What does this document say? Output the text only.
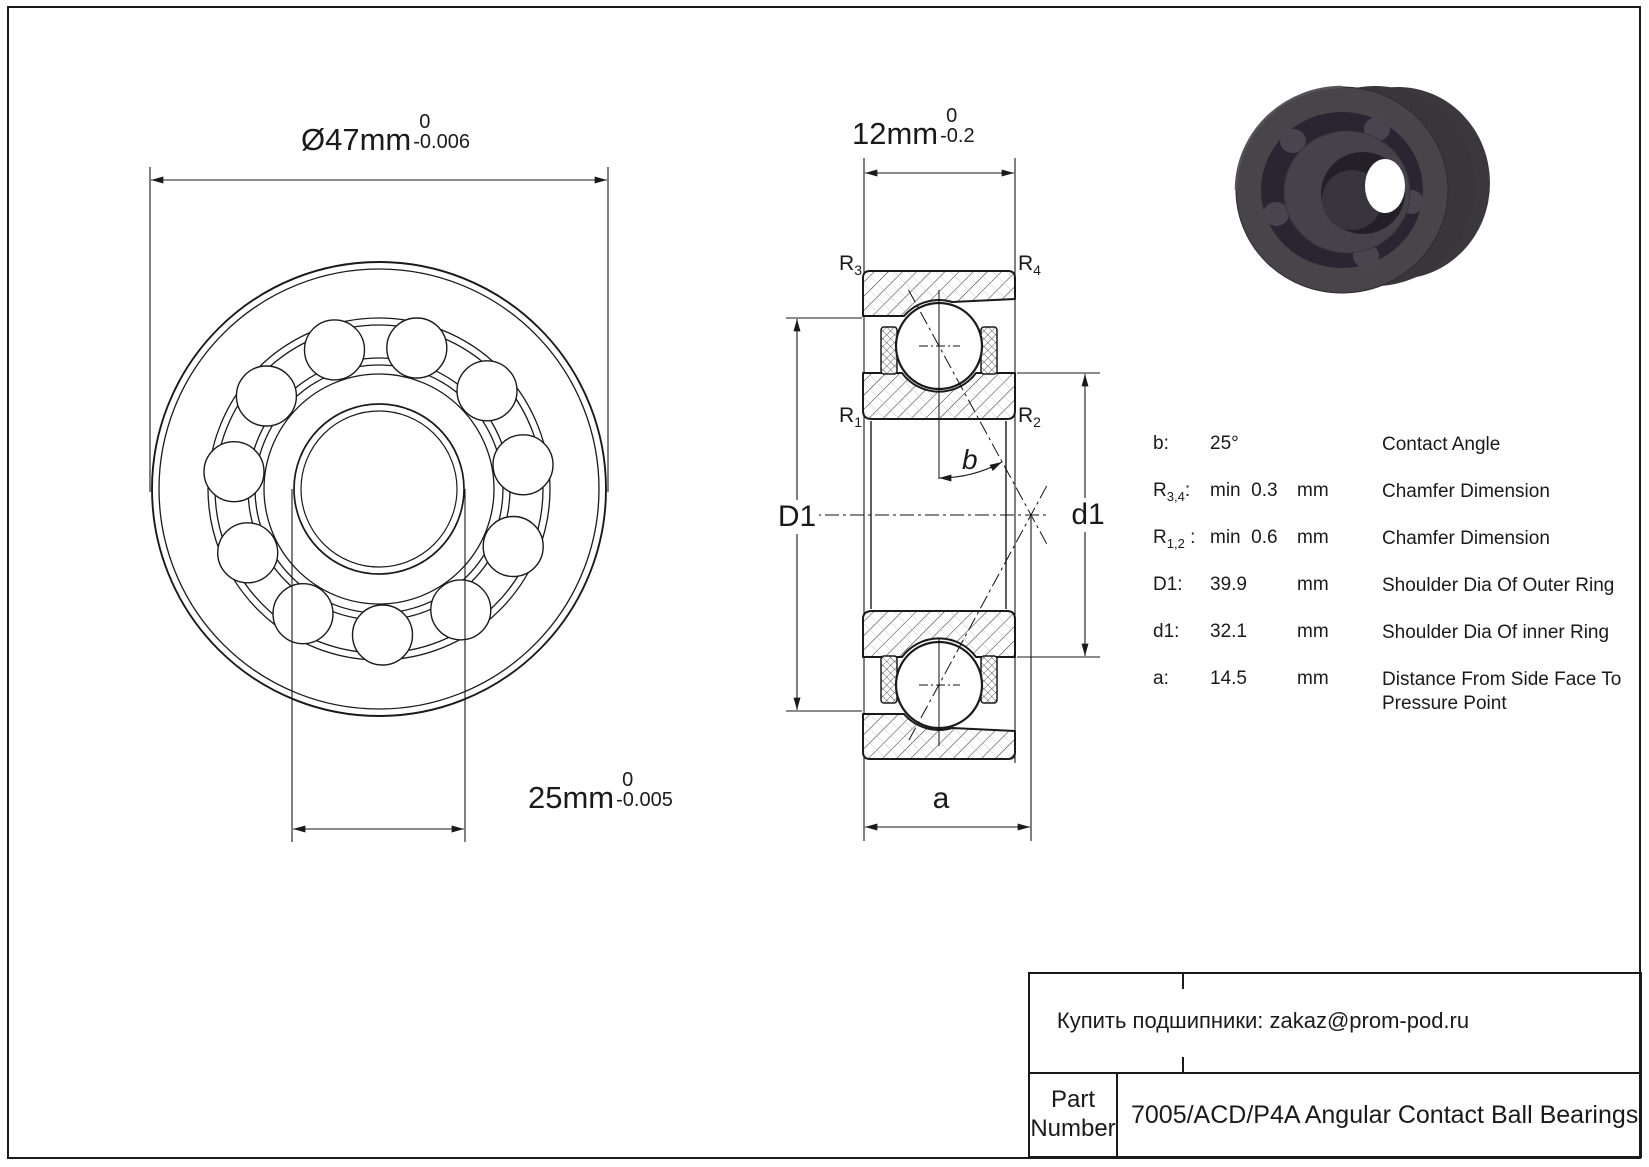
Ø47mm 0
-0.006	12mm 0
-0.2
25mm 0
-0.005
D1	d1
a
b
$R_3$	$R_4$
$R_1$	$R_2$
b: 25°	Contact Angle
$R_{3,4}$: min  0.3 mm	Chamfer Dimension
$R_{1,2}$ : min  0.6 mm	Chamfer Dimension
D1: 39.9	mm	Shoulder Dia Of Outer Ring
d1: 32.1	mm	Shoulder Dia Of inner Ring
a: 14.5	mm	Distance From Side Face To Pressure Point
Купить подшипники: zakaz@prom-pod.ru
Part
Number 7005/ACD/P4A Angular Contact Ball Bearings
